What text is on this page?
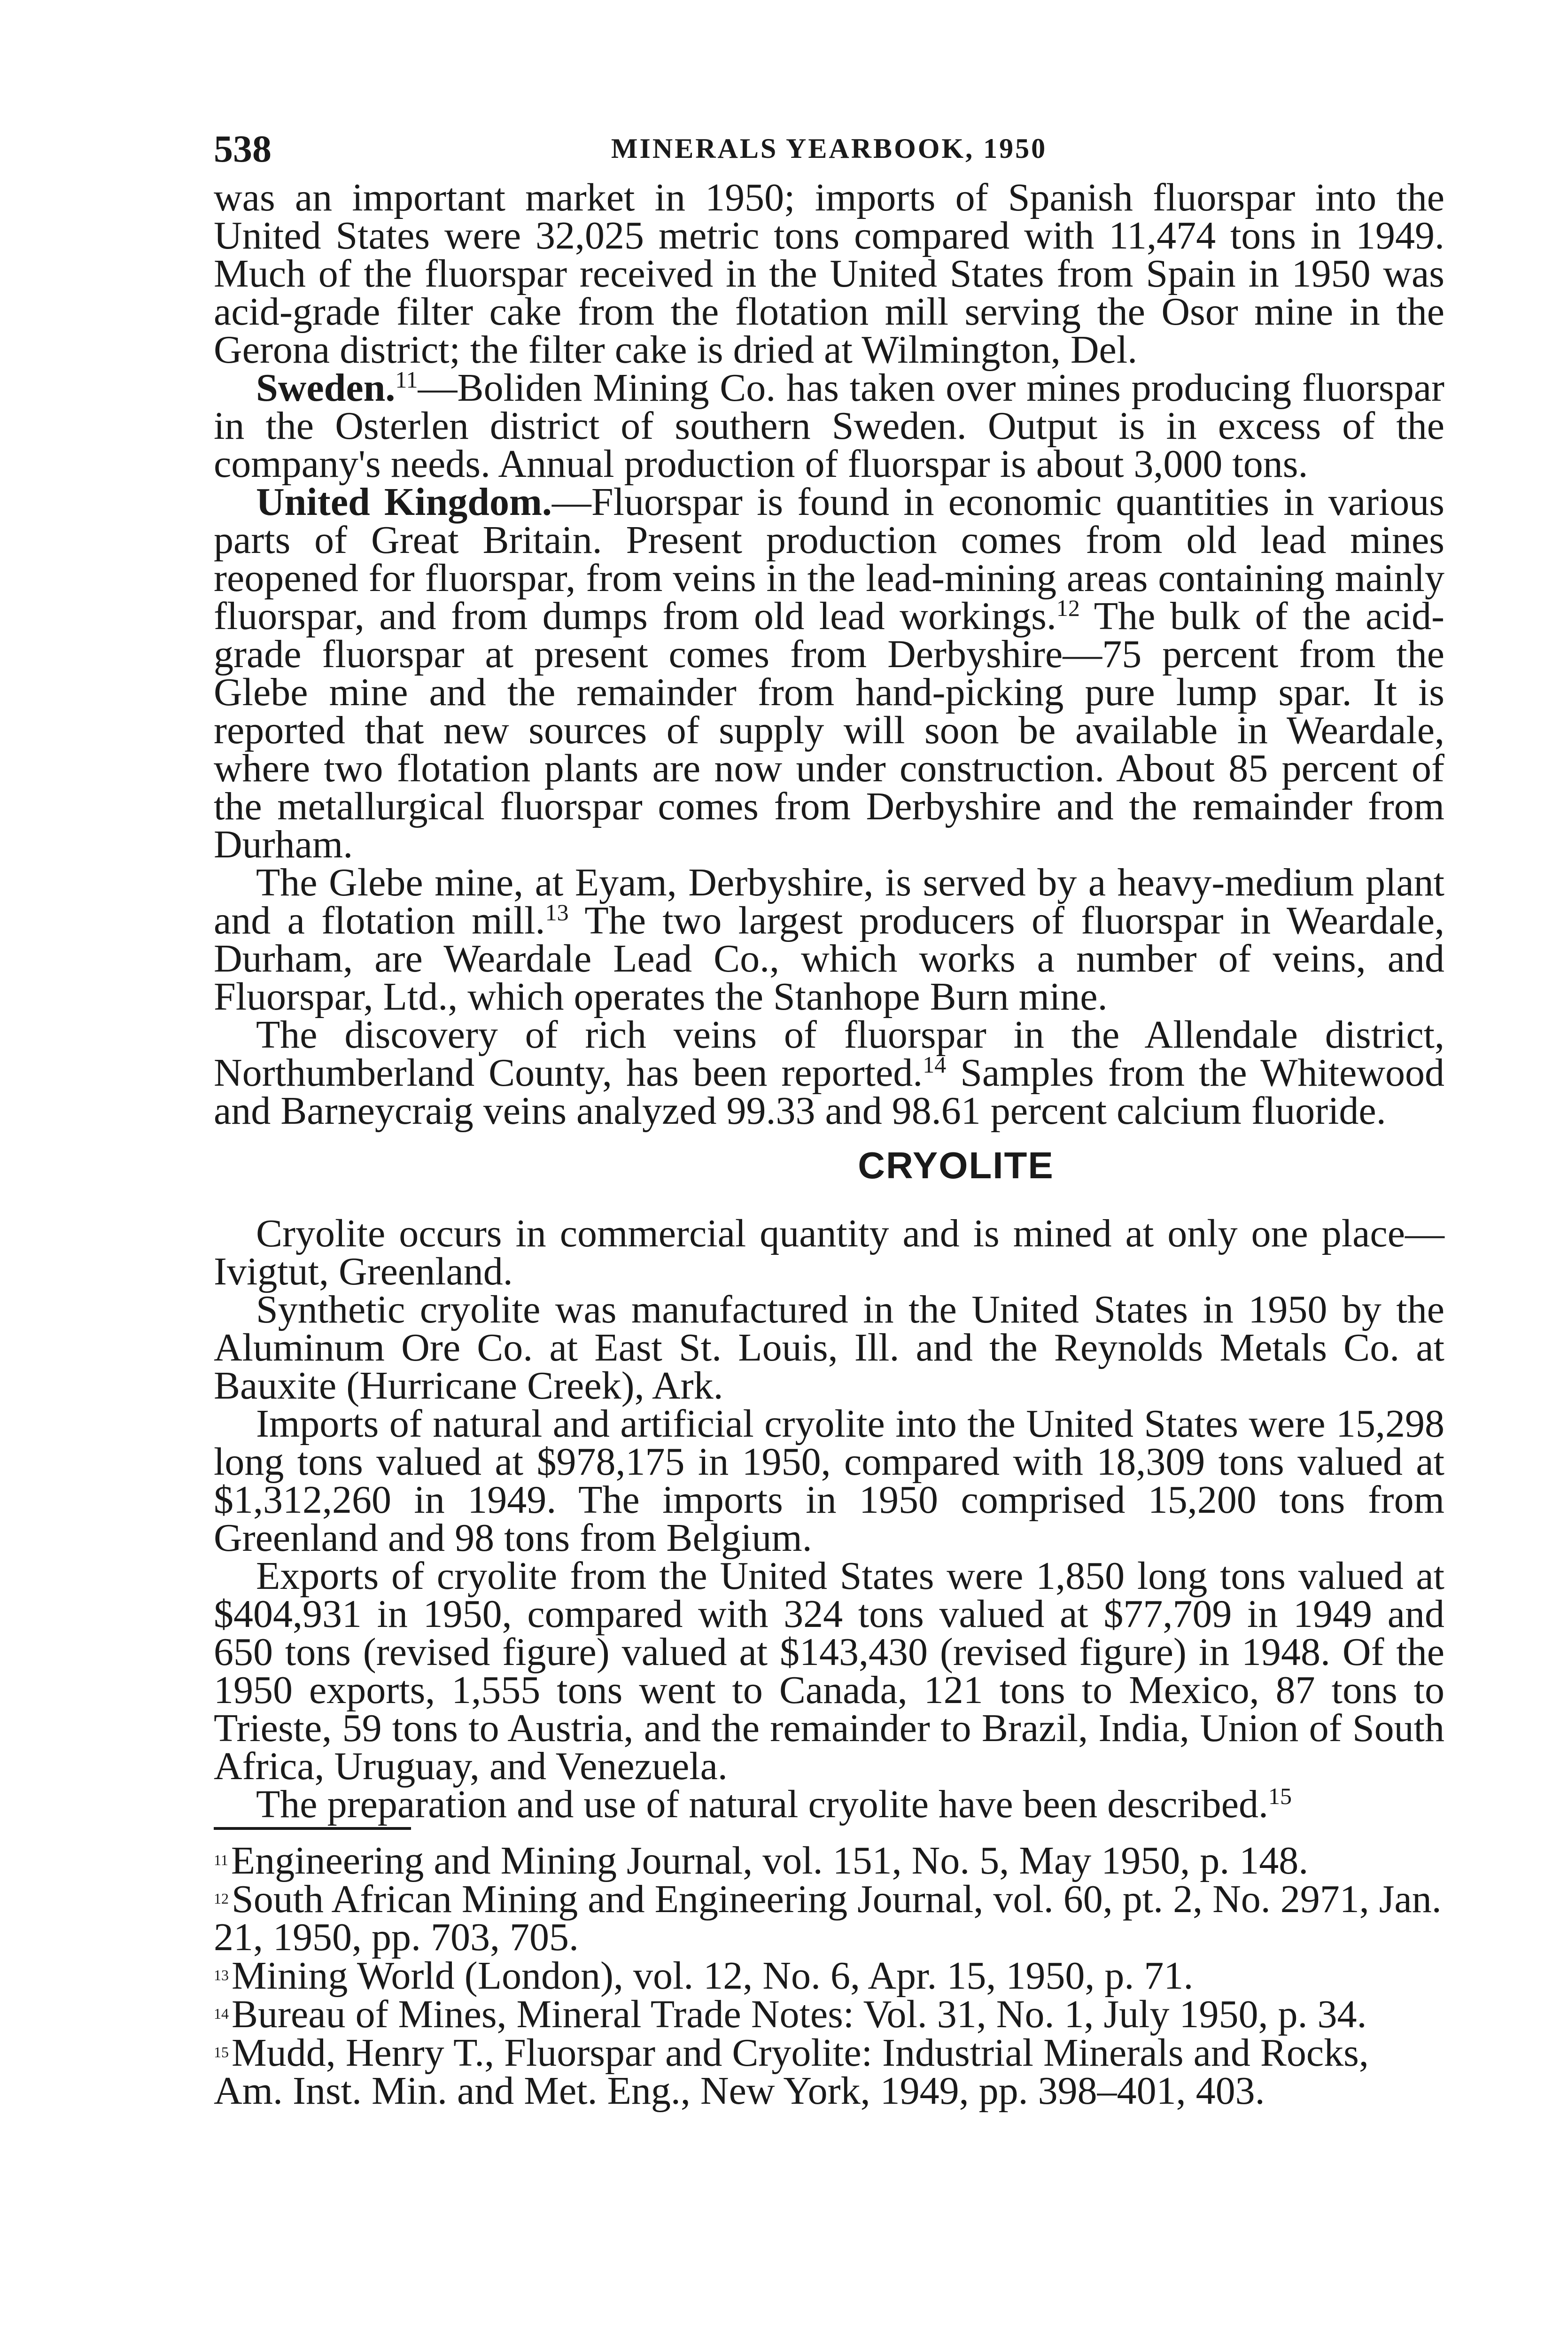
538	MINERALS YEARBOOK, 1950

was an important market in 1950; imports of Spanish fluorspar into the United States were 32,025 metric tons compared with 11,474 tons in 1949. Much of the fluorspar received in the United States from Spain in 1950 was acid-grade filter cake from the flotation mill serving the Osor mine in the Gerona district; the filter cake is dried at Wilmington, Del.

Sweden.$^{11}$—Boliden Mining Co. has taken over mines producing fluorspar in the Osterlen district of southern Sweden. Output is in excess of the company's needs. Annual production of fluorspar is about 3,000 tons.

United Kingdom.—Fluorspar is found in economic quantities in various parts of Great Britain. Present production comes from old lead mines reopened for fluorspar, from veins in the lead-mining areas containing mainly fluorspar, and from dumps from old lead workings.$^{12}$ The bulk of the acid-grade fluorspar at present comes from Derbyshire—75 percent from the Glebe mine and the remainder from hand-picking pure lump spar. It is reported that new sources of supply will soon be available in Weardale, where two flotation plants are now under construction. About 85 percent of the metallurgical fluorspar comes from Derbyshire and the remainder from Durham.

The Glebe mine, at Eyam, Derbyshire, is served by a heavy-medium plant and a flotation mill.$^{13}$ The two largest producers of fluorspar in Weardale, Durham, are Weardale Lead Co., which works a number of veins, and Fluorspar, Ltd., which operates the Stanhope Burn mine.

The discovery of rich veins of fluorspar in the Allendale district, Northumberland County, has been reported.$^{14}$ Samples from the Whitewood and Barneycraig veins analyzed 99.33 and 98.61 percent calcium fluoride.

CRYOLITE

Cryolite occurs in commercial quantity and is mined at only one place—Ivigtut, Greenland.

Synthetic cryolite was manufactured in the United States in 1950 by the Aluminum Ore Co. at East St. Louis, Ill. and the Reynolds Metals Co. at Bauxite (Hurricane Creek), Ark.

Imports of natural and artificial cryolite into the United States were 15,298 long tons valued at $978,175 in 1950, compared with 18,309 tons valued at $1,312,260 in 1949. The imports in 1950 comprised 15,200 tons from Greenland and 98 tons from Belgium.

Exports of cryolite from the United States were 1,850 long tons valued at $404,931 in 1950, compared with 324 tons valued at $77,709 in 1949 and 650 tons (revised figure) valued at $143,430 (revised figure) in 1948. Of the 1950 exports, 1,555 tons went to Canada, 121 tons to Mexico, 87 tons to Trieste, 59 tons to Austria, and the remainder to Brazil, India, Union of South Africa, Uruguay, and Venezuela.

The preparation and use of natural cryolite have been described.$^{15}$

$^{11}$Engineering and Mining Journal, vol. 151, No. 5, May 1950, p. 148.

$^{12}$South African Mining and Engineering Journal, vol. 60, pt. 2, No. 2971, Jan. 21, 1950, pp. 703, 705.

$^{13}$Mining World (London), vol. 12, No. 6, Apr. 15, 1950, p. 71.

$^{14}$Bureau of Mines, Mineral Trade Notes: Vol. 31, No. 1, July 1950, p. 34.

$^{15}$Mudd, Henry T., Fluorspar and Cryolite: Industrial Minerals and Rocks, Am. Inst. Min. and Met. Eng., New York, 1949, pp. 398–401, 403.
